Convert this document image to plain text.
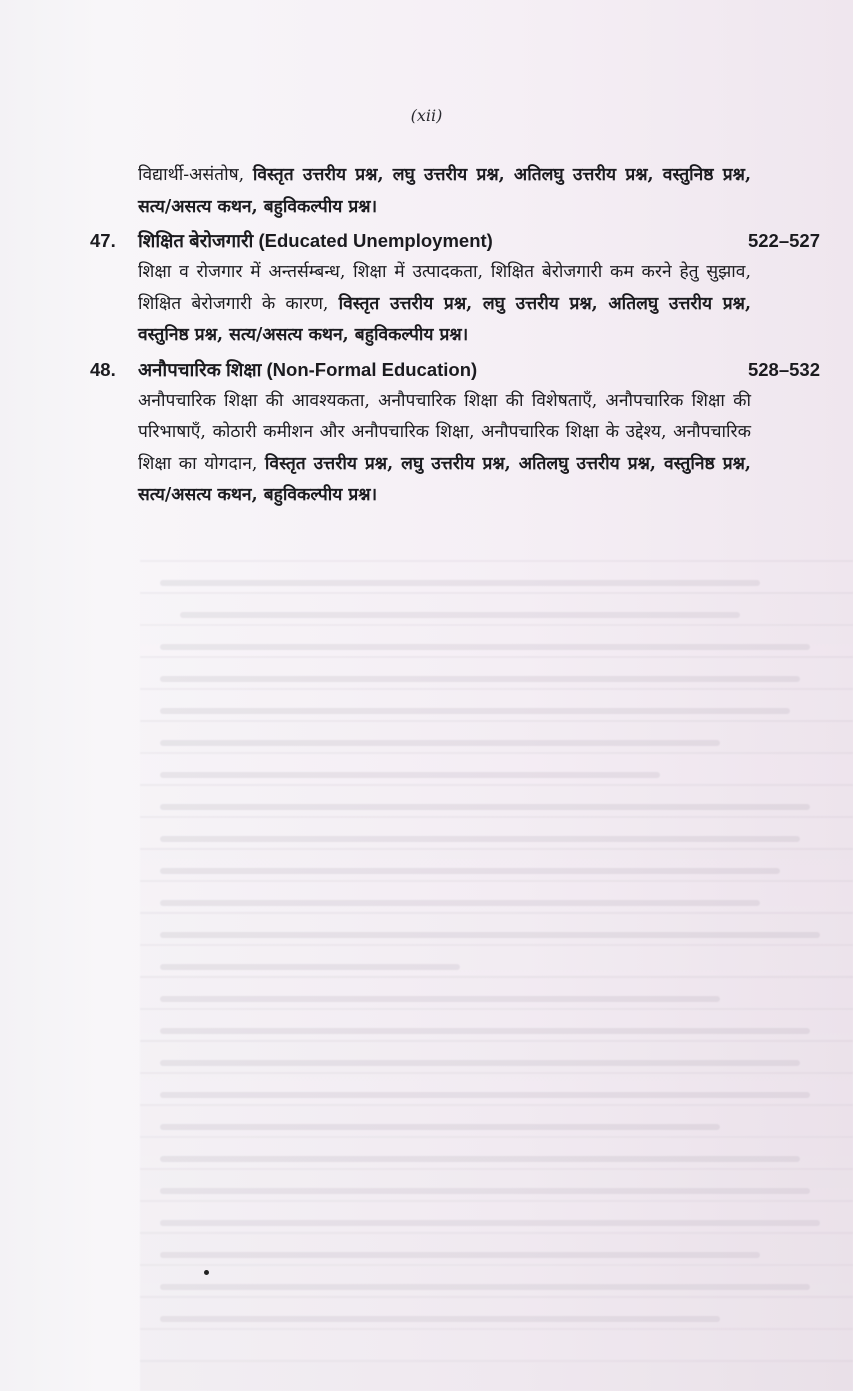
(xii)

विद्यार्थी-असंतोष, विस्तृत उत्तरीय प्रश्न, लघु उत्तरीय प्रश्न, अतिलघु उत्तरीय प्रश्न, वस्तुनिष्ठ प्रश्न, सत्य/असत्य कथन, बहुविकल्पीय प्रश्न।

47.	शिक्षित बेरोजगारी (Educated Unemployment)	522–527

शिक्षा व रोजगार में अन्तर्सम्बन्ध, शिक्षा में उत्पादकता, शिक्षित बेरोजगारी कम करने हेतु सुझाव, शिक्षित बेरोजगारी के कारण, विस्तृत उत्तरीय प्रश्न, लघु उत्तरीय प्रश्न, अतिलघु उत्तरीय प्रश्न, वस्तुनिष्ठ प्रश्न, सत्य/असत्य कथन, बहुविकल्पीय प्रश्न।

48.	अनौपचारिक शिक्षा (Non-Formal Education)	528–532

अनौपचारिक शिक्षा की आवश्यकता, अनौपचारिक शिक्षा की विशेषताएँ, अनौपचारिक शिक्षा की परिभाषाएँ, कोठारी कमीशन और अनौपचारिक शिक्षा, अनौपचारिक शिक्षा के उद्देश्य, अनौपचारिक शिक्षा का योगदान, विस्तृत उत्तरीय प्रश्न, लघु उत्तरीय प्रश्न, अतिलघु उत्तरीय प्रश्न, वस्तुनिष्ठ प्रश्न, सत्य/असत्य कथन, बहुविकल्पीय प्रश्न।
